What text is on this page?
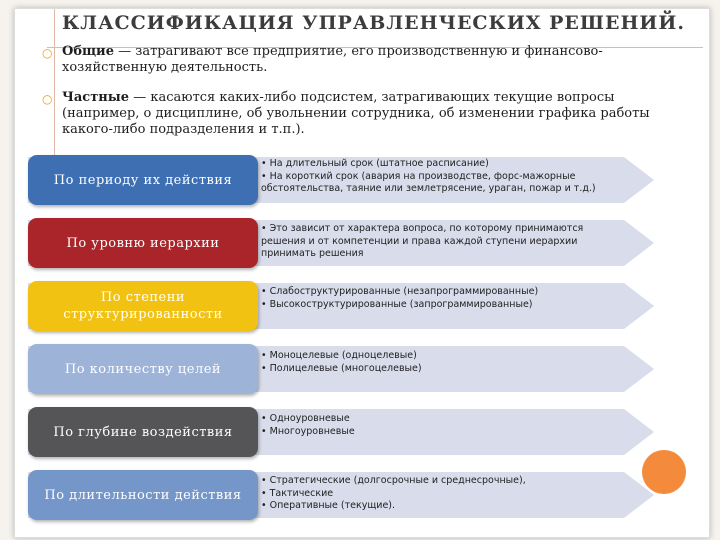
КЛАССИФИКАЦИЯ УПРАВЛЕНЧЕСКИХ РЕШЕНИЙ.
○ Общие — затрагивают все предприятие, его производственную и финансово-хозяйственную деятельность.
○ Частные — касаются каких-либо подсистем, затрагивающих текущие вопросы (например, о дисциплине, об увольнении сотрудника, об изменении графика работы какого-либо подразделения и т.п.).
По периоду их действия
• На длительный срок (штатное расписание)
• На короткий срок (авария на производстве, форс-мажорные обстоятельства, таяние или землетрясение, ураган, пожар и т.д.)
По уровню иерархии
• Это зависит от характера вопроса, по которому принимаются решения и от компетенции и права каждой ступени иерархии принимать решения
По степени структурированности
• Слабоструктурированные (незапрограммированные)
• Высокоструктурированные (запрограммированные)
По количеству целей
• Моноцелевые (одноцелевые)
• Полицелевые (многоцелевые)
По глубине воздействия
• Одноуровневые
• Многоуровневые
По длительности действия
• Стратегические (долгосрочные и среднесрочные),
• Тактические
• Оперативные (текущие).
